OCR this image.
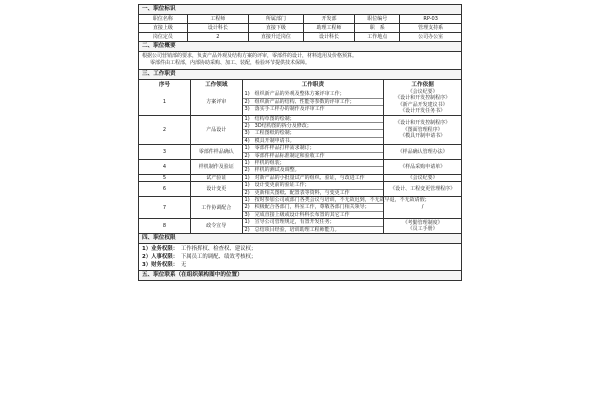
一、职位标识
职位名称	工程师	所属部门	开发部	职位编号	RP-03
直接上级	设计科长	直接下级	助理工程师	职　系	管理支持系
岗位定员	2	直接升迁岗位	设计科长	工作地点	公司办公室
二、职位概要
根据公司营销部的要求，负责产品外观及结构方案的评审，零部件的设计，材料选用及价格预算。
零部件由工程部，内部协助采购、加工、装配，检验环节提供技术保障。
三、工作职责
序号	工作领域	工作职责	工作依据
1	方案评审	1)　组织新产品的外观及整体方案评审工作；
2)　组织新产品的结构、性能等参数的评审工作；
3)　落实手工样办的制作及评审工作	《会议纪要》
《设计和开发控制程序》
《新产品开发建议书》
《设计开发任务书》

2	产品设计	1)　结构草图的绘制；
2)　3D结构图的拆分及修改；
3)　工程图纸的绘制；
4)　模具开制申请书。	《设计和开发控制程序》
《图面管理程序》
《模具开制申请书》

3	零部件样品确认	1)　零部件样品打样需求制订；
2)　零部件样品标准制定和验收工作	《样品确认管理办法》

4	样机制作及验证	1)　样机的组装；
2)　样机的测试及调整。	《样品采购申请单》

5	试产验证	1)　对新产品的小批量试产的组织、验证，与改进工作	《会议纪要》

6	设计变更	1)　设计变更前的验证工作；
2)　更新相关图纸、配置表等资料，与变更工作	《设计、工程变更管理程序》

7	工作协调配合	1)　按时参加公司或部门各类会议与培训，不无故迟到，不无故早退，不无故请假；
2)　积极配合各部门，科室工作，尊敬各部门相关领导；
3)　完成直接上级或设计科科长布置的其它工作	/

8	政令宣导	1)　宣导公司管理规定，有置开发任务；
2)　总结项目经验，培训助理工程师能力。	《考勤管理制度》
《员工手册》
四、职位权限
1）业务权限：　 工作指挥权、检查权、建议权；
2）人事权限：　 下属员工的调配、绩效考核权；
3）财务权限：　 无
五、职位联系（在组织架构图中的位置）
